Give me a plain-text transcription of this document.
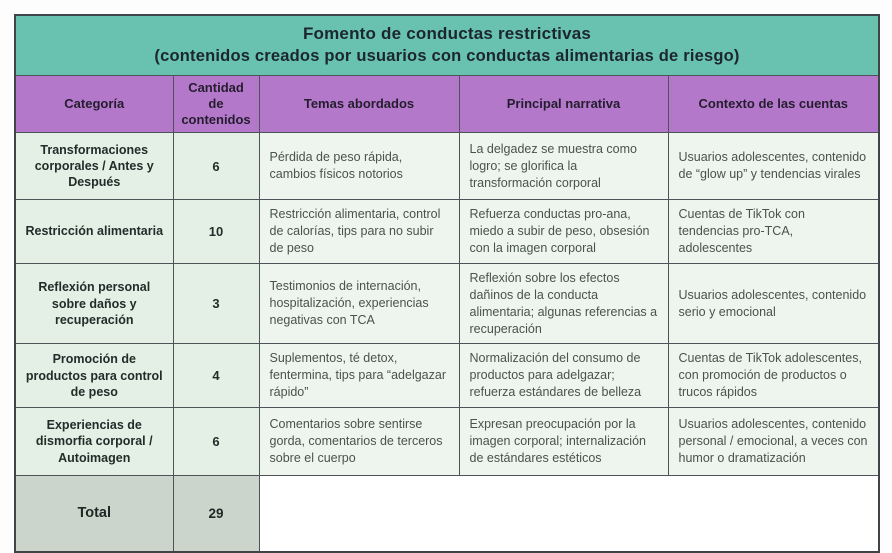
Fomento de conductas restrictivas
(contenidos creados por usuarios con conductas alimentarias de riesgo)				

Categoría	Cantidad de contenidos	Temas abordados	Principal narrativa	Contexto de las cuentas
Transformaciones corporales / Antes y Después	6	Pérdida de peso rápida, cambios físicos notorios	La delgadez se muestra como logro; se glorifica la transformación corporal	Usuarios adolescentes, contenido de “glow up” y tendencias virales
Restricción alimentaria	10	Restricción alimentaria, control de calorías, tips para no subir de peso	Refuerza conductas pro-ana, miedo a subir de peso, obsesión con la imagen corporal	Cuentas de TikTok con tendencias pro-TCA, adolescentes
Reflexión personal sobre daños y recuperación	3	Testimonios de internación, hospitalización, experiencias negativas con TCA	Reflexión sobre los efectos dañinos de la conducta alimentaria; algunas referencias a recuperación	Usuarios adolescentes, contenido serio y emocional
Promoción de productos para control de peso	4	Suplementos, té detox, fentermina, tips para “adelgazar rápido”	Normalización del consumo de productos para adelgazar; refuerza estándares de belleza	Cuentas de TikTok adolescentes, con promoción de productos o trucos rápidos
Experiencias de dismorfia corporal / Autoimagen	6	Comentarios sobre sentirse gorda, comentarios de terceros sobre el cuerpo	Expresan preocupación por la imagen corporal; internalización de estándares estéticos	Usuarios adolescentes, contenido personal / emocional, a veces con humor o dramatización
Total	29			
